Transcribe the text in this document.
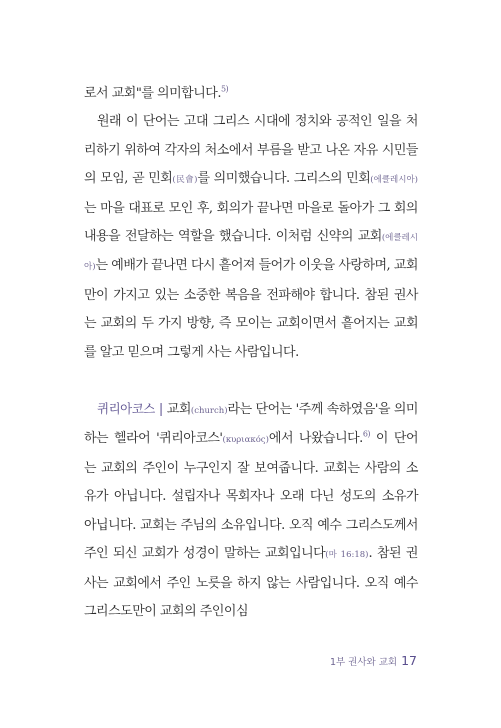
로서 교회"를 의미합니다.$^{5)}$

원래 이 단어는 고대 그리스 시대에 정치와 공적인 일을 처리하기 위하여 각자의 처소에서 부름을 받고 나온 자유 시민들의 모임, 곧 민회(民會)를 의미했습니다. 그리스의 민회(에클레시아)는 마을 대표로 모인 후, 회의가 끝나면 마을로 돌아가 그 회의 내용을 전달하는 역할을 했습니다. 이처럼 신약의 교회(에클레시아)는 예배가 끝나면 다시 흩어져 들어가 이웃을 사랑하며, 교회만이 가지고 있는 소중한 복음을 전파해야 합니다. 참된 권사는 교회의 두 가지 방향, 즉 모이는 교회이면서 흩어지는 교회를 알고 믿으며 그렇게 사는 사람입니다.

퀴리아코스 | 교회(church)라는 단어는 '주께 속하였음'을 의미하는 헬라어 '퀴리아코스'(κυριακός)에서 나왔습니다.$^{6)}$ 이 단어는 교회의 주인이 누구인지 잘 보여줍니다. 교회는 사람의 소유가 아닙니다. 설립자나 목회자나 오래 다닌 성도의 소유가 아닙니다. 교회는 주님의 소유입니다. 오직 예수 그리스도께서 주인 되신 교회가 성경이 말하는 교회입니다(마 16:18). 참된 권사는 교회에서 주인 노릇을 하지 않는 사람입니다. 오직 예수 그리스도만이 교회의 주인이심

1부 권사와 교회 17
